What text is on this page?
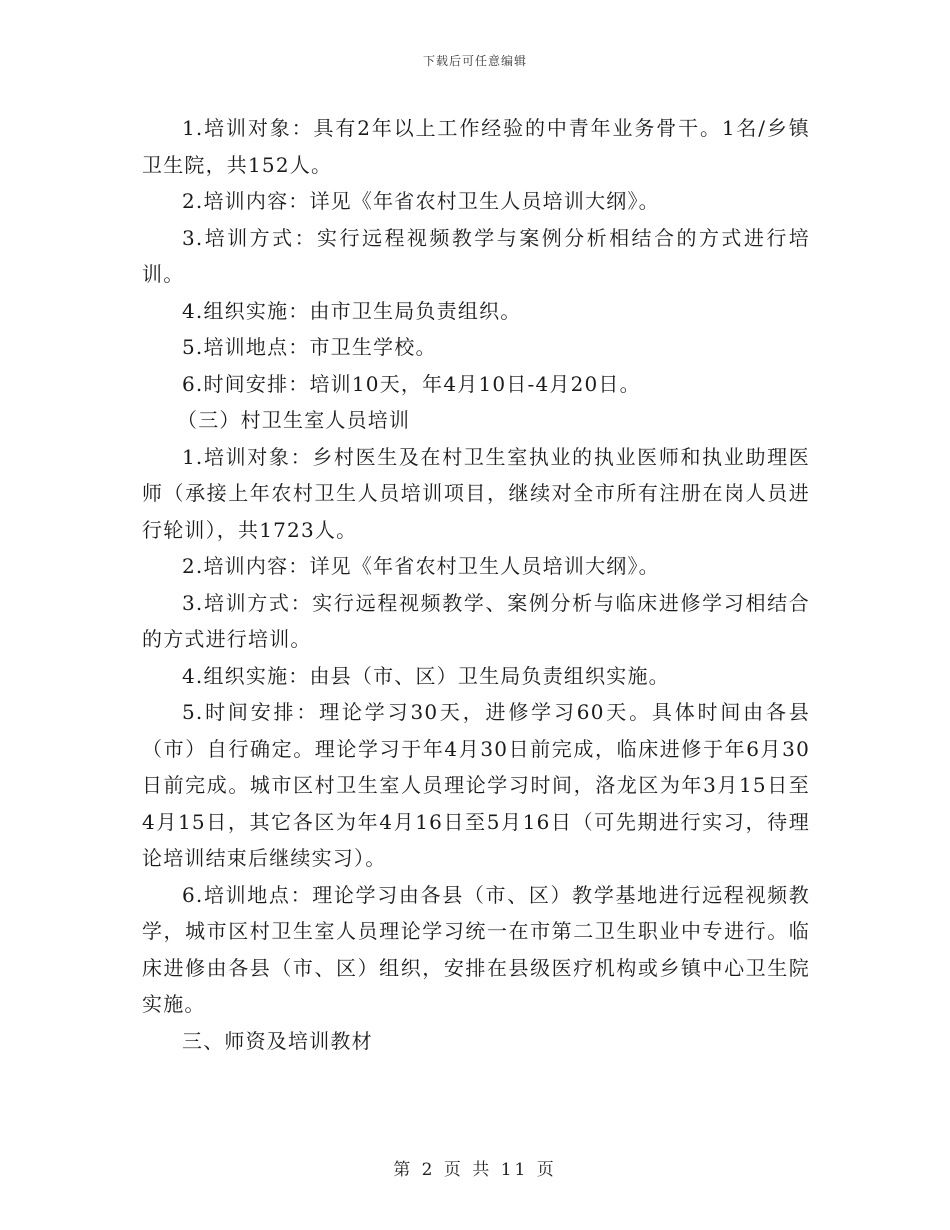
下载后可任意编辑

1.培训对象：具有2年以上工作经验的中青年业务骨干。1名/乡镇卫生院，共152人。

2.培训内容：详见《年省农村卫生人员培训大纲》。

3.培训方式：实行远程视频教学与案例分析相结合的方式进行培训。

4.组织实施：由市卫生局负责组织。

5.培训地点：市卫生学校。

6.时间安排：培训10天，年4月10日-4月20日。

（三）村卫生室人员培训

1.培训对象：乡村医生及在村卫生室执业的执业医师和执业助理医师（承接上年农村卫生人员培训项目，继续对全市所有注册在岗人员进行轮训），共1723人。

2.培训内容：详见《年省农村卫生人员培训大纲》。

3.培训方式：实行远程视频教学、案例分析与临床进修学习相结合的方式进行培训。

4.组织实施：由县（市、区）卫生局负责组织实施。

5.时间安排：理论学习30天，进修学习60天。具体时间由各县（市）自行确定。理论学习于年4月30日前完成，临床进修于年6月30日前完成。城市区村卫生室人员理论学习时间，洛龙区为年3月15日至4月15日，其它各区为年4月16日至5月16日（可先期进行实习，待理论培训结束后继续实习）。

6.培训地点：理论学习由各县（市、区）教学基地进行远程视频教学，城市区村卫生室人员理论学习统一在市第二卫生职业中专进行。临床进修由各县（市、区）组织，安排在县级医疗机构或乡镇中心卫生院实施。

三、师资及培训教材

第 2 页 共 11 页
